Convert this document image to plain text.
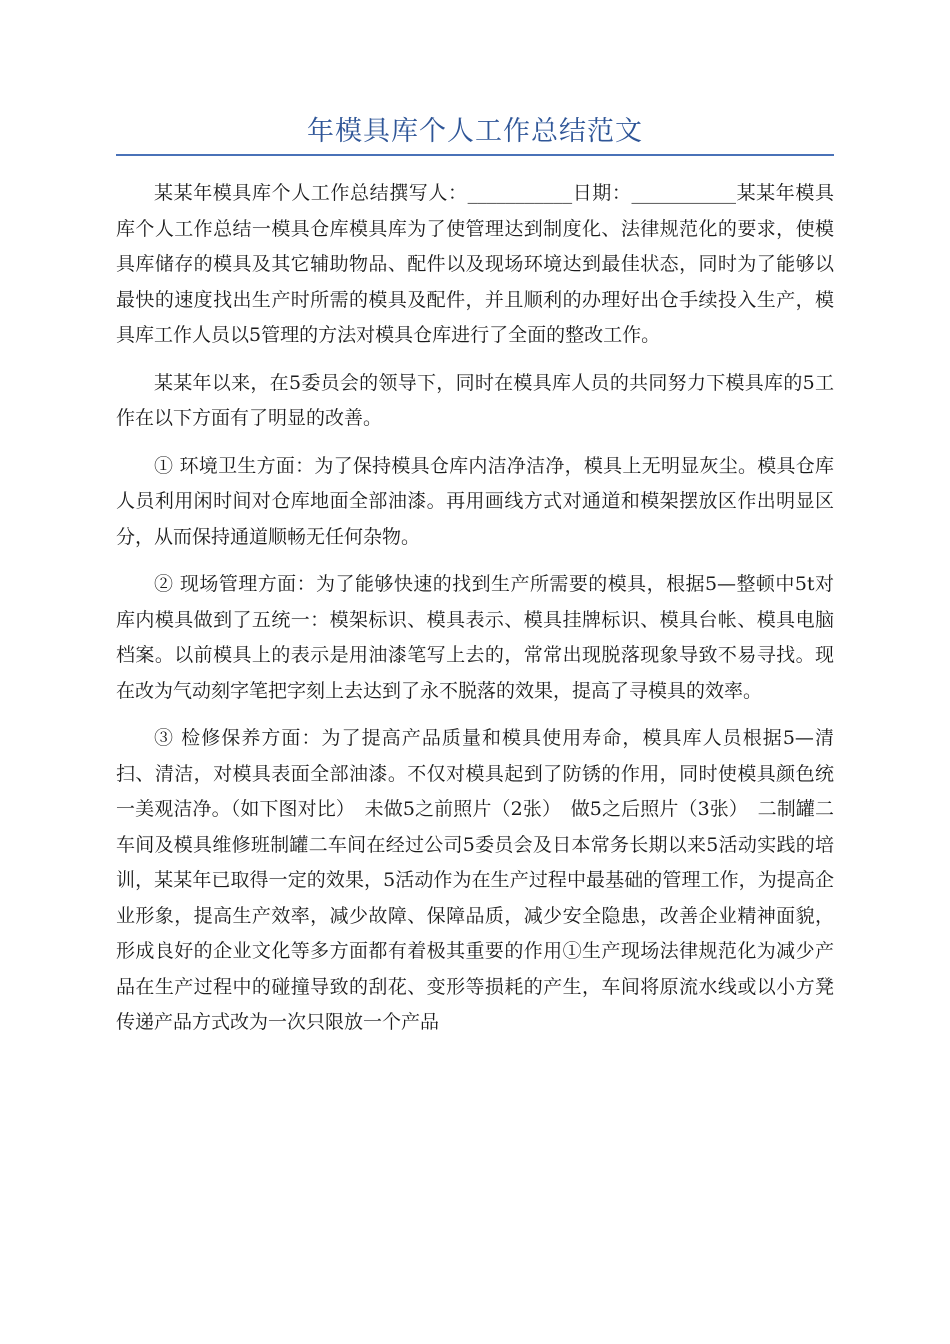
年模具库个人工作总结范文

某某年模具库个人工作总结撰写人：___________日期：___________某某年模具库个人工作总结一模具仓库模具库为了使管理达到制度化、法律规范化的要求，使模具库储存的模具及其它辅助物品、配件以及现场环境达到最佳状态，同时为了能够以最快的速度找出生产时所需的模具及配件，并且顺利的办理好出仓手续投入生产，模具库工作人员以5管理的方法对模具仓库进行了全面的整改工作。

某某年以来，在5委员会的领导下，同时在模具库人员的共同努力下模具库的5工作在以下方面有了明显的改善。

① 环境卫生方面：为了保持模具仓库内洁净洁净，模具上无明显灰尘。模具仓库人员利用闲时间对仓库地面全部油漆。再用画线方式对通道和模架摆放区作出明显区分，从而保持通道顺畅无任何杂物。

② 现场管理方面：为了能够快速的找到生产所需要的模具，根据5—整顿中5t对库内模具做到了五统一：模架标识、模具表示、模具挂牌标识、模具台帐、模具电脑档案。以前模具上的表示是用油漆笔写上去的，常常出现脱落现象导致不易寻找。现在改为气动刻字笔把字刻上去达到了永不脱落的效果，提高了寻模具的效率。

③ 检修保养方面：为了提高产品质量和模具使用寿命，模具库人员根据5—清扫、清洁，对模具表面全部油漆。不仅对模具起到了防锈的作用，同时使模具颜色统一美观洁净。（如下图对比）　未做5之前照片（2张）　做5之后照片（3张）　二制罐二车间及模具维修班制罐二车间在经过公司5委员会及日本常务长期以来5活动实践的培训，某某年已取得一定的效果，5活动作为在生产过程中最基础的管理工作，为提高企业形象，提高生产效率，减少故障、保障品质，减少安全隐患，改善企业精神面貌，形成良好的企业文化等多方面都有着极其重要的作用①生产现场法律规范化为减少产品在生产过程中的碰撞导致的刮花、变形等损耗的产生，车间将原流水线或以小方凳传递产品方式改为一次只限放一个产品
